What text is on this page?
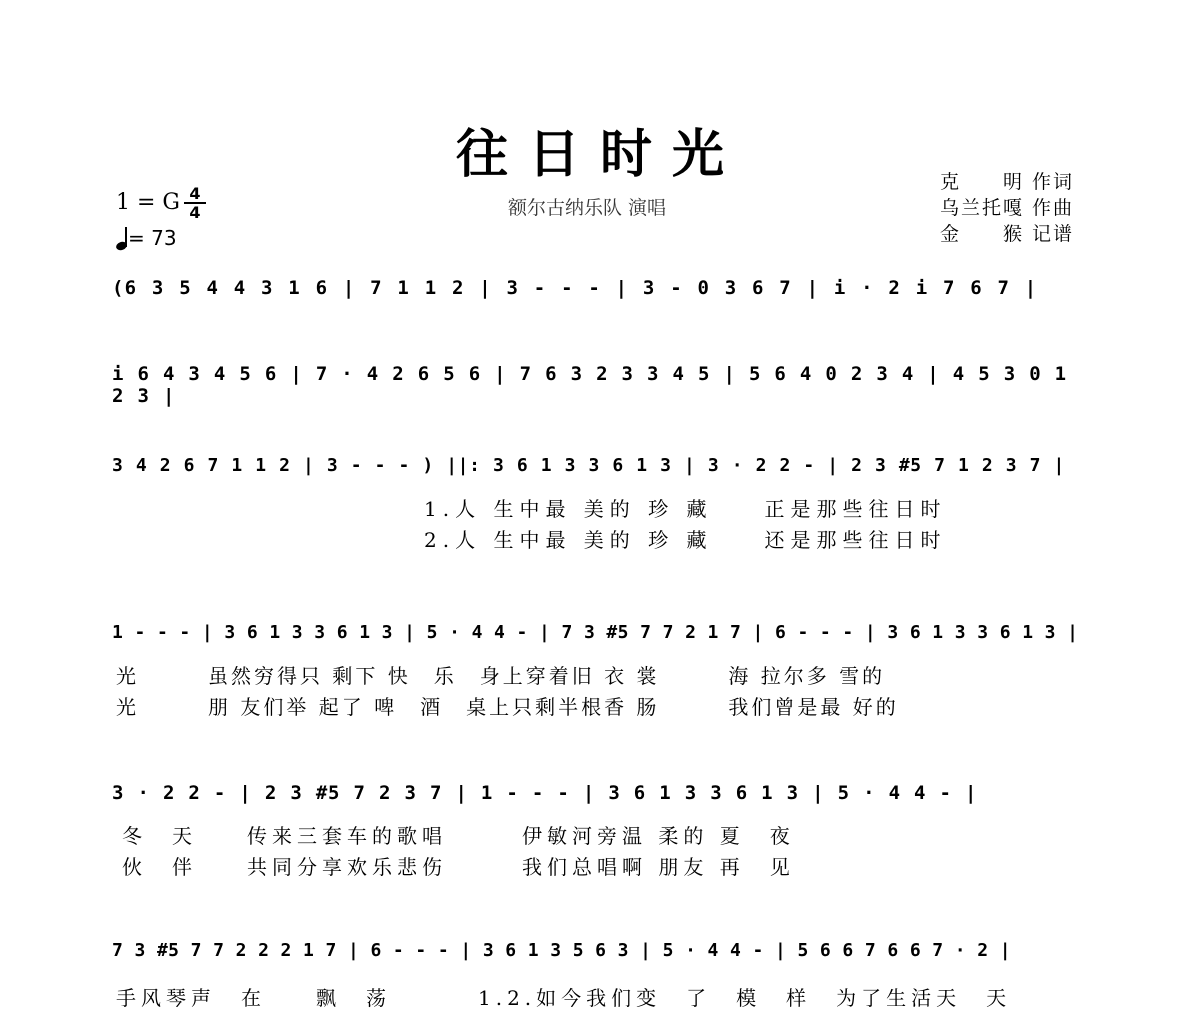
往日时光
额尔古纳乐队 演唱
克　　明 作词
乌兰托嘎 作曲
金　　猴 记谱
1 = G 4
4
= 73
(6 3 5 4 4 3 1 6 | 7 1 1 2 | 3 - - - | 3 - 0 3 6 7 | i · 2 i 7 6 7 |
i 6 4 3 4 5 6 | 7 · 4 2 6 5 6 | 7 6 3 2 3 3 4 5 | 5 6 4 0 2 3 4 | 4 5 3 0 1 2 3 |
3 4 2 6 7 1 1 2 | 3 - - - ) ||: 3 6 1 3 3 6 1 3 | 3 · 2 2 - | 2 3 #5 7 1 2 3 7 |
1.人 生中最 美的 珍 藏　　正是那些往日时
2.人 生中最 美的 珍 藏　　还是那些往日时
1 - - - | 3 6 1 3 3 6 1 3 | 5 · 4 4 - | 7 3 #5 7 7 2 1 7 | 6 - - - | 3 6 1 3 3 6 1 3 |
光　　　虽然穷得只 剩下 快　乐　身上穿着旧 衣 裳　　　海 拉尔多 雪的
光　　　朋 友们举 起了 啤　酒　桌上只剩半根香 肠　　　我们曾是最 好的
3 · 2 2 - | 2 3 #5 7 2 3 7 | 1 - - - | 3 6 1 3 3 6 1 3 | 5 · 4 4 - |
冬　天　　传来三套车的歌唱　　　伊敏河旁温 柔的 夏　夜
伙　伴　　共同分享欢乐悲伤　　　我们总唱啊 朋友 再　见
7 3 #5 7 7 2 2 2 1 7 | 6 - - - | 3 6 1 3 5 6 3 | 5 · 4 4 - | 5 6 6 7 6 6 7 · 2 |
手风琴声　在　　飘　荡	1.2.如今我们变　了　模　样　为了生活天　天
